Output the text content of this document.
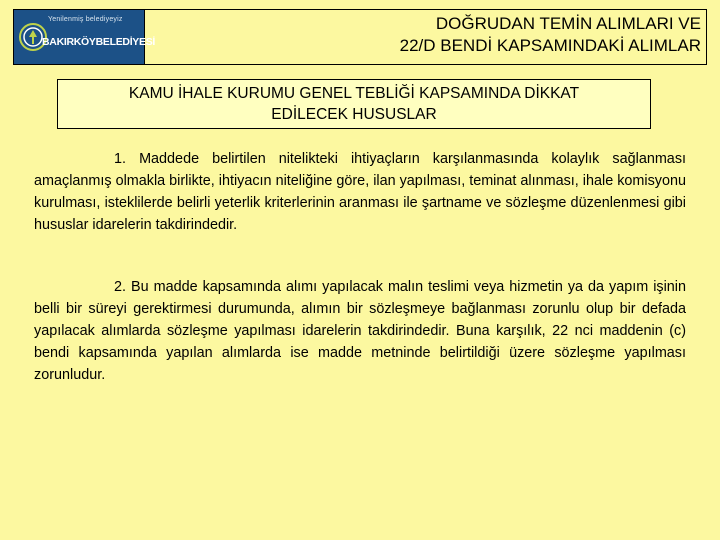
Yenilenmiş belediyeyiz
BAKIRKÖYBELEDİYESİ
DOĞRUDAN TEMİN ALIMLARI VE
22/D BENDİ KAPSAMINDAKİ ALIMLAR
KAMU İHALE KURUMU GENEL TEBLİĞİ KAPSAMINDA DİKKAT
EDİLECEK HUSUSLAR
1. Maddede belirtilen nitelikteki ihtiyaçların karşılanmasında kolaylık sağlanması amaçlanmış olmakla birlikte, ihtiyacın niteliğine göre, ilan yapılması, teminat alınması, ihale komisyonu kurulması, isteklilerde belirli yeterlik kriterlerinin aranması ile şartname ve sözleşme düzenlenmesi gibi hususlar idarelerin takdirindedir.
2. Bu madde kapsamında alımı yapılacak malın teslimi veya hizmetin ya da yapım işinin belli bir süreyi gerektirmesi durumunda, alımın bir sözleşmeye bağlanması zorunlu olup bir defada yapılacak alımlarda sözleşme yapılması idarelerin takdirindedir. Buna karşılık, 22 nci maddenin (c) bendi kapsamında yapılan alımlarda ise madde metninde belirtildiği üzere sözleşme yapılması zorunludur.
